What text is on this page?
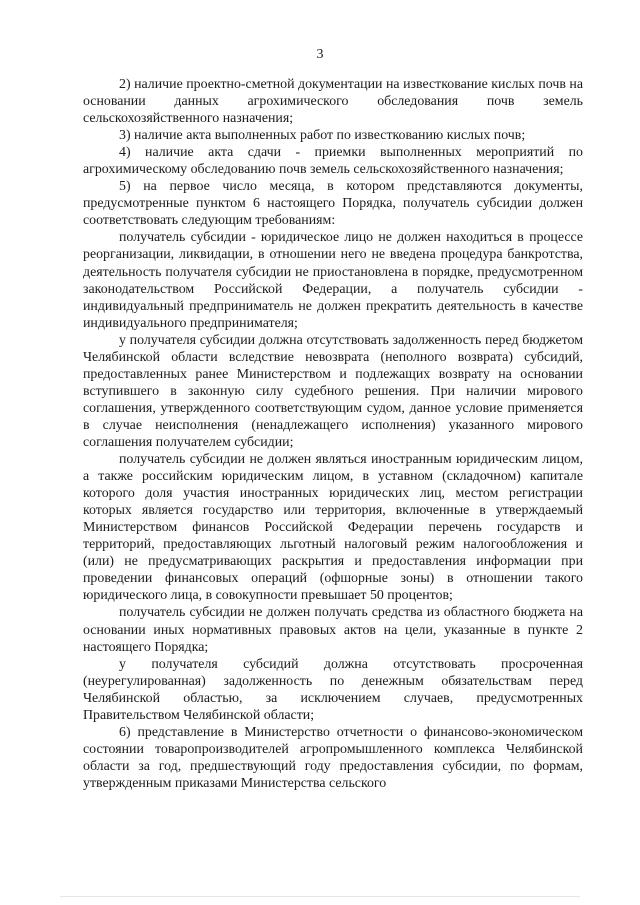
3

2) наличие проектно-сметной документации на известкование кислых почв на основании данных агрохимического обследования почв земель сельскохозяйственного назначения;

3) наличие акта выполненных работ по известкованию кислых почв;

4) наличие акта сдачи - приемки выполненных мероприятий по агрохимическому обследованию почв земель сельскохозяйственного назначения;

5) на первое число месяца, в котором представляются документы, предусмотренные пунктом 6 настоящего Порядка, получатель субсидии должен соответствовать следующим требованиям:

получатель субсидии - юридическое лицо не должен находиться в процессе реорганизации, ликвидации, в отношении него не введена процедура банкротства, деятельность получателя субсидии не приостановлена в порядке, предусмотренном законодательством Российской Федерации, а получатель субсидии - индивидуальный предприниматель не должен прекратить деятельность в качестве индивидуального предпринимателя;

у получателя субсидии должна отсутствовать задолженность перед бюджетом Челябинской области вследствие невозврата (неполного возврата) субсидий, предоставленных ранее Министерством и подлежащих возврату на основании вступившего в законную силу судебного решения. При наличии мирового соглашения, утвержденного соответствующим судом, данное условие применяется в случае неисполнения (ненадлежащего исполнения) указанного мирового соглашения получателем субсидии;

получатель субсидии не должен являться иностранным юридическим лицом, а также российским юридическим лицом, в уставном (складочном) капитале которого доля участия иностранных юридических лиц, местом регистрации которых является государство или территория, включенные в утверждаемый Министерством финансов Российской Федерации перечень государств и территорий, предоставляющих льготный налоговый режим налогообложения и (или) не предусматривающих раскрытия и предоставления информации при проведении финансовых операций (офшорные зоны) в отношении такого юридического лица, в совокупности превышает 50 процентов;

получатель субсидии не должен получать средства из областного бюджета на основании иных нормативных правовых актов на цели, указанные в пункте 2 настоящего Порядка;

у получателя субсидий должна отсутствовать просроченная (неурегулированная) задолженность по денежным обязательствам перед Челябинской областью, за исключением случаев, предусмотренных Правительством Челябинской области;

6) представление в Министерство отчетности о финансово-экономическом состоянии товаропроизводителей агропромышленного комплекса Челябинской области за год, предшествующий году предоставления субсидии, по формам, утвержденным приказами Министерства сельского
